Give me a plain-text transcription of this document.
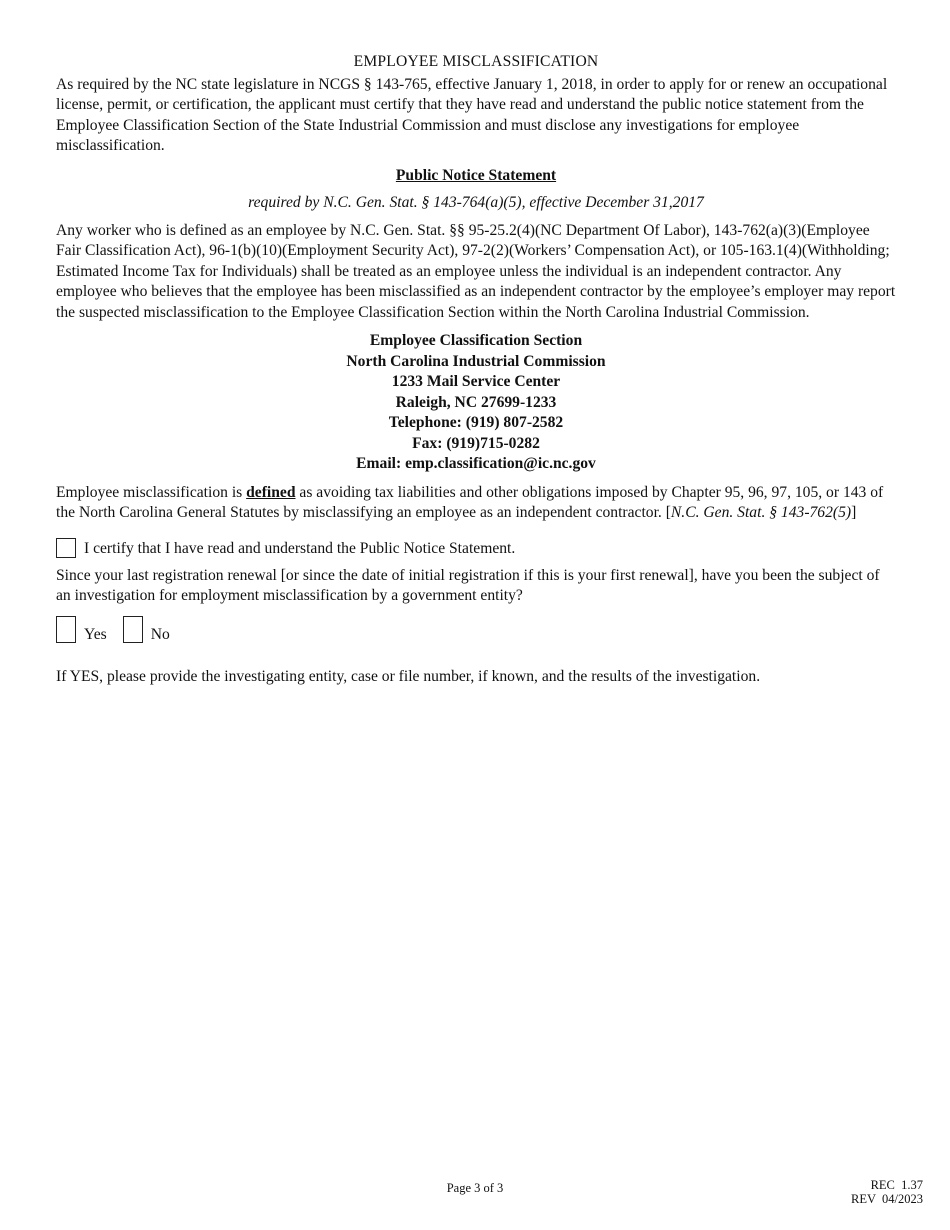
EMPLOYEE MISCLASSIFICATION

As required by the NC state legislature in NCGS § 143-765, effective January 1, 2018, in order to apply for or renew an occupational license, permit, or certification, the applicant must certify that they have read and understand the public notice statement from the Employee Classification Section of the State Industrial Commission and must disclose any investigations for employee misclassification.

Public Notice Statement
required by N.C. Gen. Stat. § 143-764(a)(5), effective December 31,2017

Any worker who is defined as an employee by N.C. Gen. Stat. §§ 95-25.2(4)(NC Department Of Labor), 143-762(a)(3)(Employee Fair Classification Act), 96-1(b)(10)(Employment Security Act), 97-2(2)(Workers’ Compensation Act), or 105-163.1(4)(Withholding; Estimated Income Tax for Individuals) shall be treated as an employee unless the individual is an independent contractor. Any employee who believes that the employee has been misclassified as an independent contractor by the employee’s employer may report the suspected misclassification to the Employee Classification Section within the North Carolina Industrial Commission.

Employee Classification Section
North Carolina Industrial Commission
1233 Mail Service Center
Raleigh, NC 27699-1233
Telephone: (919) 807-2582
Fax: (919)715-0282
Email: emp.classification@ic.nc.gov

Employee misclassification is defined as avoiding tax liabilities and other obligations imposed by Chapter 95, 96, 97, 105, or 143 of the North Carolina General Statutes by misclassifying an employee as an independent contractor. [N.C. Gen. Stat. § 143-762(5)]

I certify that I have read and understand the Public Notice Statement.

Since your last registration renewal [or since the date of initial registration if this is your first renewal], have you been the subject of an investigation for employment misclassification by a government entity?

Yes	No

If YES, please provide the investigating entity, case or file number, if known, and the results of the investigation.

Page 3 of 3	REC  1.37
REV  04/2023
